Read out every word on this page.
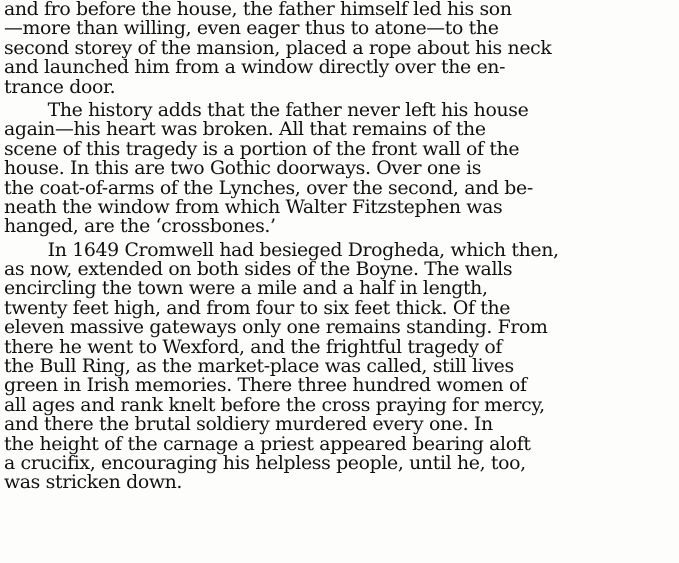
and fro before the house, the father himself led his son
—more than willing, even eager thus to atone—to the
second storey of the mansion, placed a rope about his neck
and launched him from a window directly over the en-
trance door.
The history adds that the father never left his house
again—his heart was broken. All that remains of the
scene of this tragedy is a portion of the front wall of the
house. In this are two Gothic doorways. Over one is
the coat-of-arms of the Lynches, over the second, and be-
neath the window from which Walter Fitzstephen was
hanged, are the ‘crossbones.’
In 1649 Cromwell had besieged Drogheda, which then,
as now, extended on both sides of the Boyne. The walls
encircling the town were a mile and a half in length,
twenty feet high, and from four to six feet thick. Of the
eleven massive gateways only one remains standing. From
there he went to Wexford, and the frightful tragedy of
the Bull Ring, as the market-place was called, still lives
green in Irish memories. There three hundred women of
all ages and rank knelt before the cross praying for mercy,
and there the brutal soldiery murdered every one. In
the height of the carnage a priest appeared bearing aloft
a crucifix, encouraging his helpless people, until he, too,
was stricken down.
